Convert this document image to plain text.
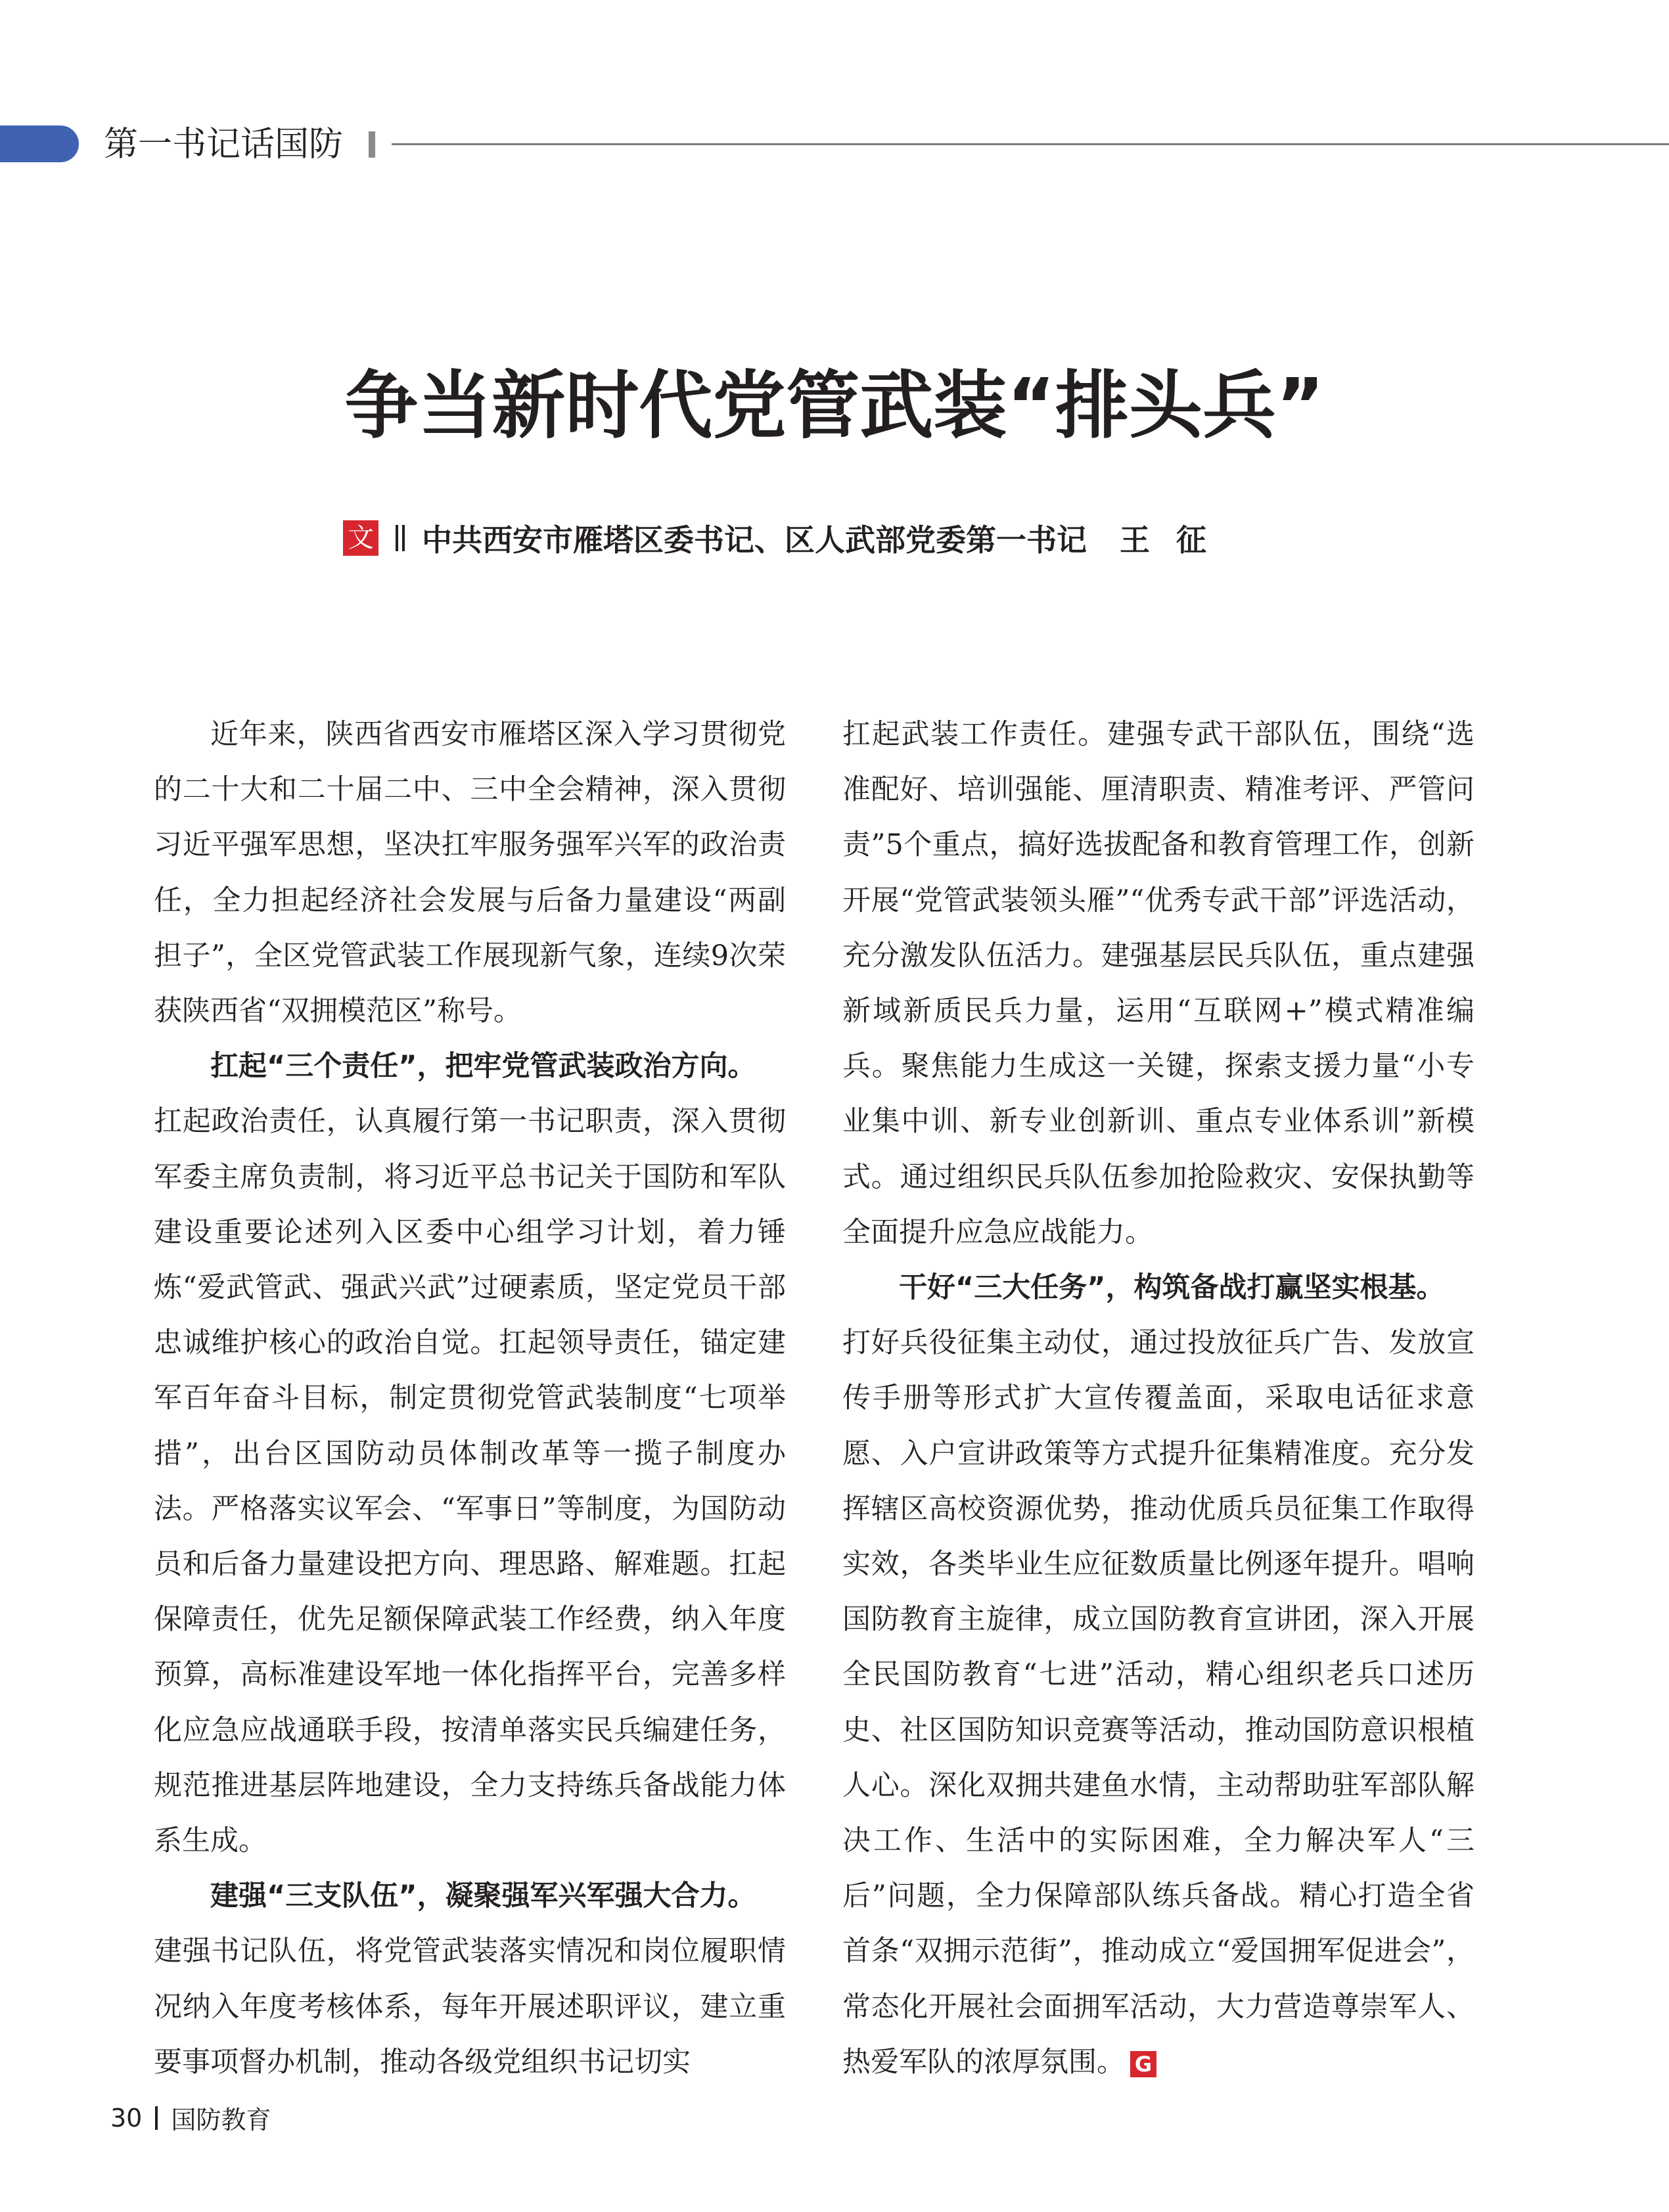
第一书记话国防
争当新时代党管武装“排头兵”
文 中共西安市雁塔区委书记、区人武部党委第一书记 王征

近年来，陕西省西安市雁塔区深入学习贯彻党的二十大和二十届二中、三中全会精神，深入贯彻习近平强军思想，坚决扛牢服务强军兴军的政治责任，全力担起经济社会发展与后备力量建设“两副担子”，全区党管武装工作展现新气象，连续9次荣获陕西省“双拥模范区”称号。

扛起“三个责任”，把牢党管武装政治方向。

扛起政治责任，认真履行第一书记职责，深入贯彻军委主席负责制，将习近平总书记关于国防和军队建设重要论述列入区委中心组学习计划，着力锤炼“爱武管武、强武兴武”过硬素质，坚定党员干部忠诚维护核心的政治自觉。扛起领导责任，锚定建军百年奋斗目标，制定贯彻党管武装制度“七项举措”，出台区国防动员体制改革等一揽子制度办法。严格落实议军会、“军事日”等制度，为国防动员和后备力量建设把方向、理思路、解难题。扛起保障责任，优先足额保障武装工作经费，纳入年度预算，高标准建设军地一体化指挥平台，完善多样化应急应战通联手段，按清单落实民兵编建任务，规范推进基层阵地建设，全力支持练兵备战能力体系生成。

建强“三支队伍”，凝聚强军兴军强大合力。

建强书记队伍，将党管武装落实情况和岗位履职情况纳入年度考核体系，每年开展述职评议，建立重要事项督办机制，推动各级党组织书记切实

扛起武装工作责任。建强专武干部队伍，围绕“选准配好、培训强能、厘清职责、精准考评、严管问责”5个重点，搞好选拔配备和教育管理工作，创新开展“党管武装领头雁”“优秀专武干部”评选活动，充分激发队伍活力。建强基层民兵队伍，重点建强新域新质民兵力量，运用“互联网+”模式精准编兵。聚焦能力生成这一关键，探索支援力量“小专业集中训、新专业创新训、重点专业体系训”新模式。通过组织民兵队伍参加抢险救灾、安保执勤等全面提升应急应战能力。

干好“三大任务”，构筑备战打赢坚实根基。

打好兵役征集主动仗，通过投放征兵广告、发放宣传手册等形式扩大宣传覆盖面，采取电话征求意愿、入户宣讲政策等方式提升征集精准度。充分发挥辖区高校资源优势，推动优质兵员征集工作取得实效，各类毕业生应征数质量比例逐年提升。唱响国防教育主旋律，成立国防教育宣讲团，深入开展全民国防教育“七进”活动，精心组织老兵口述历史、社区国防知识竞赛等活动，推动国防意识根植人心。深化双拥共建鱼水情，主动帮助驻军部队解决工作、生活中的实际困难，全力解决军人“三后”问题，全力保障部队练兵备战。精心打造全省首条“双拥示范街”，推动成立“爱国拥军促进会”，常态化开展社会面拥军活动，大力营造尊崇军人、热爱军队的浓厚氛围。 G

30 国防教育
